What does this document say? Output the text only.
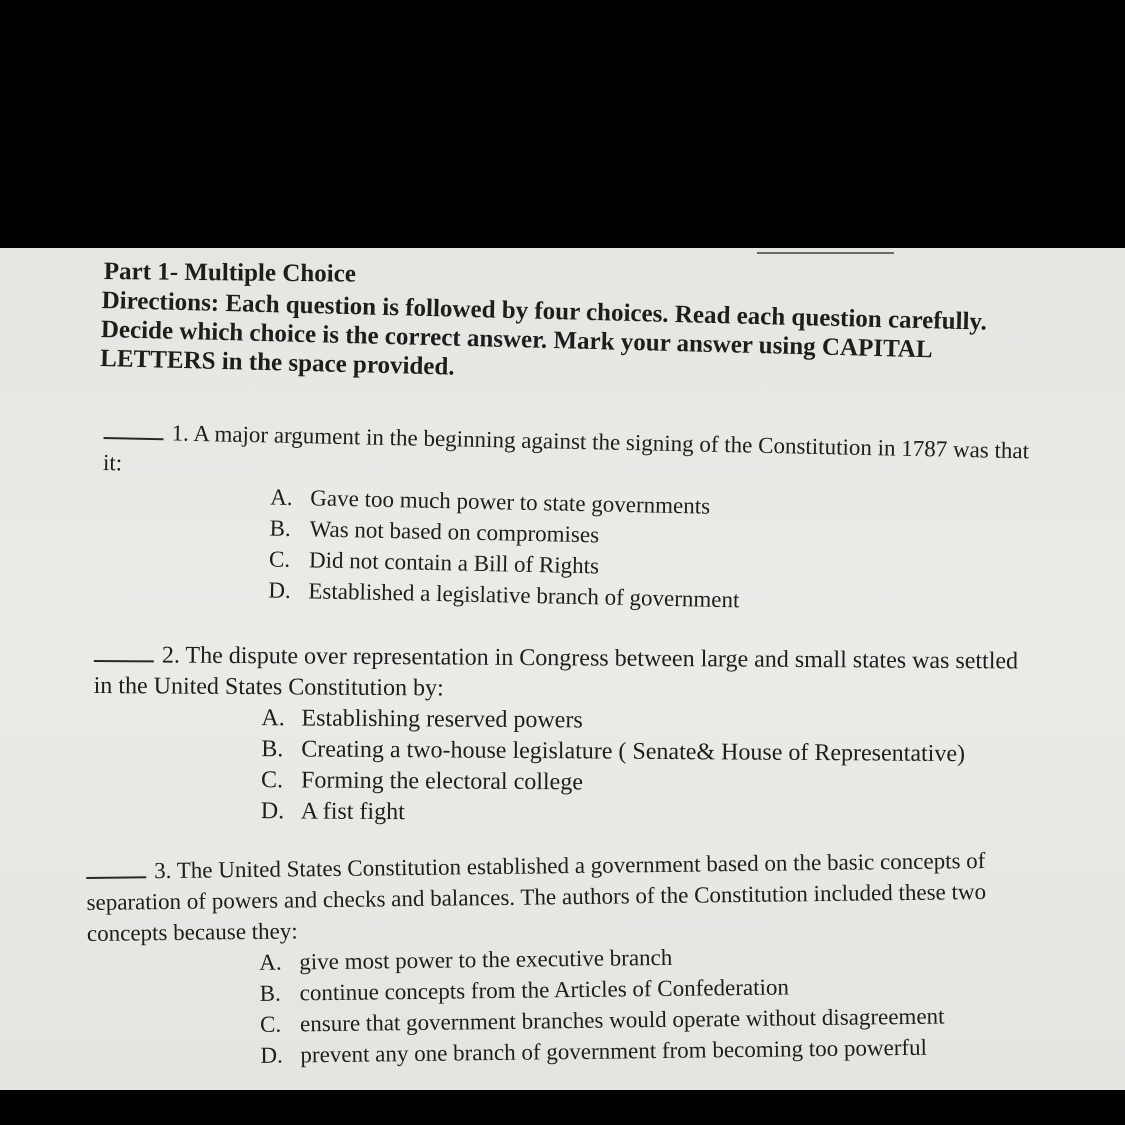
Part 1- Multiple Choice

Directions: Each question is followed by four choices. Read each question carefully. Decide which choice is the correct answer. Mark your answer using CAPITAL LETTERS in the space provided.

1. A major argument in the beginning against the signing of the Constitution in 1787 was that it:

A. Gave too much power to state governments
B. Was not based on compromises
C. Did not contain a Bill of Rights
D. Established a legislative branch of government

2. The dispute over representation in Congress between large and small states was settled in the United States Constitution by:

A. Establishing reserved powers
B. Creating a two-house legislature ( Senate& House of Representative)
C. Forming the electoral college
D. A fist fight

3. The United States Constitution established a government based on the basic concepts of separation of powers and checks and balances. The authors of the Constitution included these two concepts because they:

A. give most power to the executive branch
B. continue concepts from the Articles of Confederation
C. ensure that government branches would operate without disagreement
D. prevent any one branch of government from becoming too powerful
